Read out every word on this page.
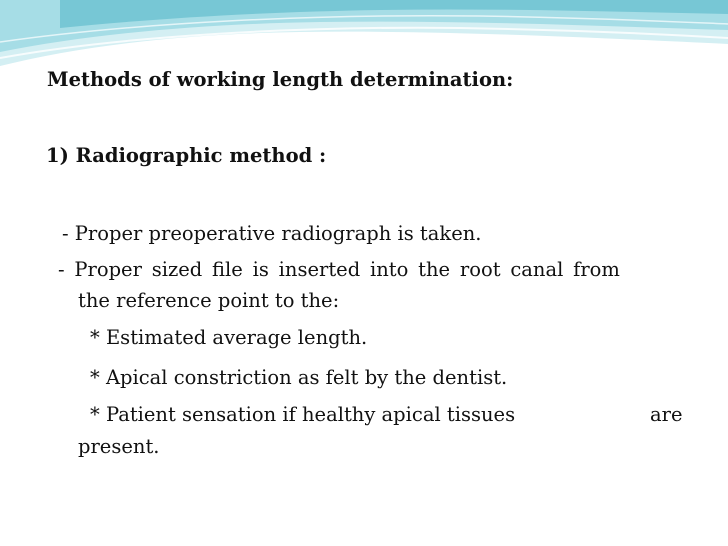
Methods of working length determination:
1) Radiographic method :
- Proper preoperative radiograph is taken.
- Proper sized file is inserted into the root canal from
the reference point to the:
* Estimated average length.
* Apical constriction as felt by the dentist.
* Patient sensation if healthy apical tissues	are
present.
